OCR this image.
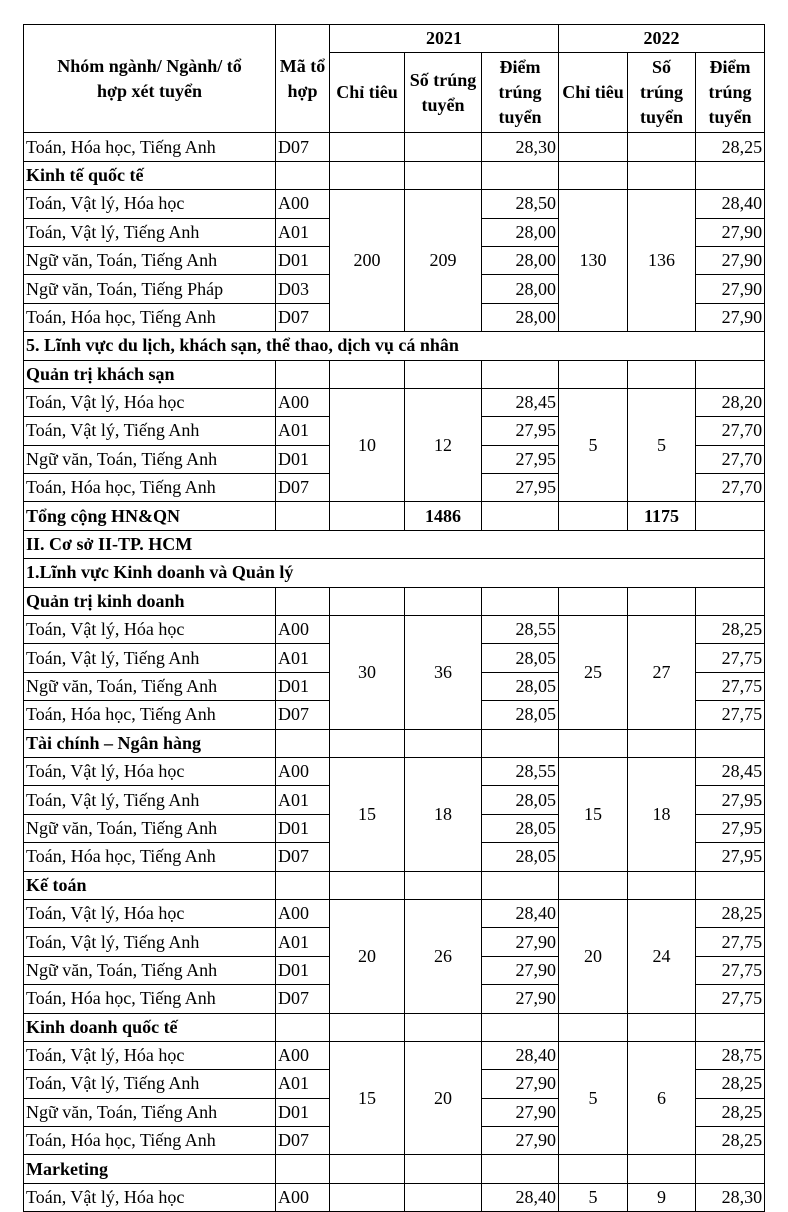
Nhóm ngành/ Ngành/ tổ hợp xét tuyển	Mã tổ hợp	2021			2022		
		Chỉ tiêu	Số trúng tuyển	Điểm trúng tuyển	Chỉ tiêu	Số trúng tuyển	Điểm trúng tuyển
Toán, Hóa học, Tiếng Anh	D07			28,30			28,25
Kinh tế quốc tế							
Toán, Vật lý, Hóa học	A00	200	209	28,50	130	136	28,40
Toán, Vật lý, Tiếng Anh	A01			28,00			27,90
Ngữ văn, Toán, Tiếng Anh	D01			28,00			27,90
Ngữ văn, Toán, Tiếng Pháp	D03			28,00			27,90
Toán, Hóa học, Tiếng Anh	D07			28,00			27,90
5. Lĩnh vực du lịch, khách sạn, thể thao, dịch vụ cá nhân							
Quản trị khách sạn							
Toán, Vật lý, Hóa học	A00	10	12	28,45	5	5	28,20
Toán, Vật lý, Tiếng Anh	A01			27,95			27,70
Ngữ văn, Toán, Tiếng Anh	D01			27,95			27,70
Toán, Hóa học, Tiếng Anh	D07			27,95			27,70
Tổng cộng HN&QN			1486			1175	
II. Cơ sở II-TP. HCM							
1.Lĩnh vực Kinh doanh và Quản lý							
Quản trị kinh doanh							
Toán, Vật lý, Hóa học	A00	30	36	28,55	25	27	28,25
Toán, Vật lý, Tiếng Anh	A01			28,05			27,75
Ngữ văn, Toán, Tiếng Anh	D01			28,05			27,75
Toán, Hóa học, Tiếng Anh	D07			28,05			27,75
Tài chính – Ngân hàng							
Toán, Vật lý, Hóa học	A00	15	18	28,55	15	18	28,45
Toán, Vật lý, Tiếng Anh	A01			28,05			27,95
Ngữ văn, Toán, Tiếng Anh	D01			28,05			27,95
Toán, Hóa học, Tiếng Anh	D07			28,05			27,95
Kế toán							
Toán, Vật lý, Hóa học	A00	20	26	28,40	20	24	28,25
Toán, Vật lý, Tiếng Anh	A01			27,90			27,75
Ngữ văn, Toán, Tiếng Anh	D01			27,90			27,75
Toán, Hóa học, Tiếng Anh	D07			27,90			27,75
Kinh doanh quốc tế							
Toán, Vật lý, Hóa học	A00	15	20	28,40	5	6	28,75
Toán, Vật lý, Tiếng Anh	A01			27,90			28,25
Ngữ văn, Toán, Tiếng Anh	D01			27,90			28,25
Toán, Hóa học, Tiếng Anh	D07			27,90			28,25
Marketing							
Toán, Vật lý, Hóa học	A00			28,40	5	9	28,30
